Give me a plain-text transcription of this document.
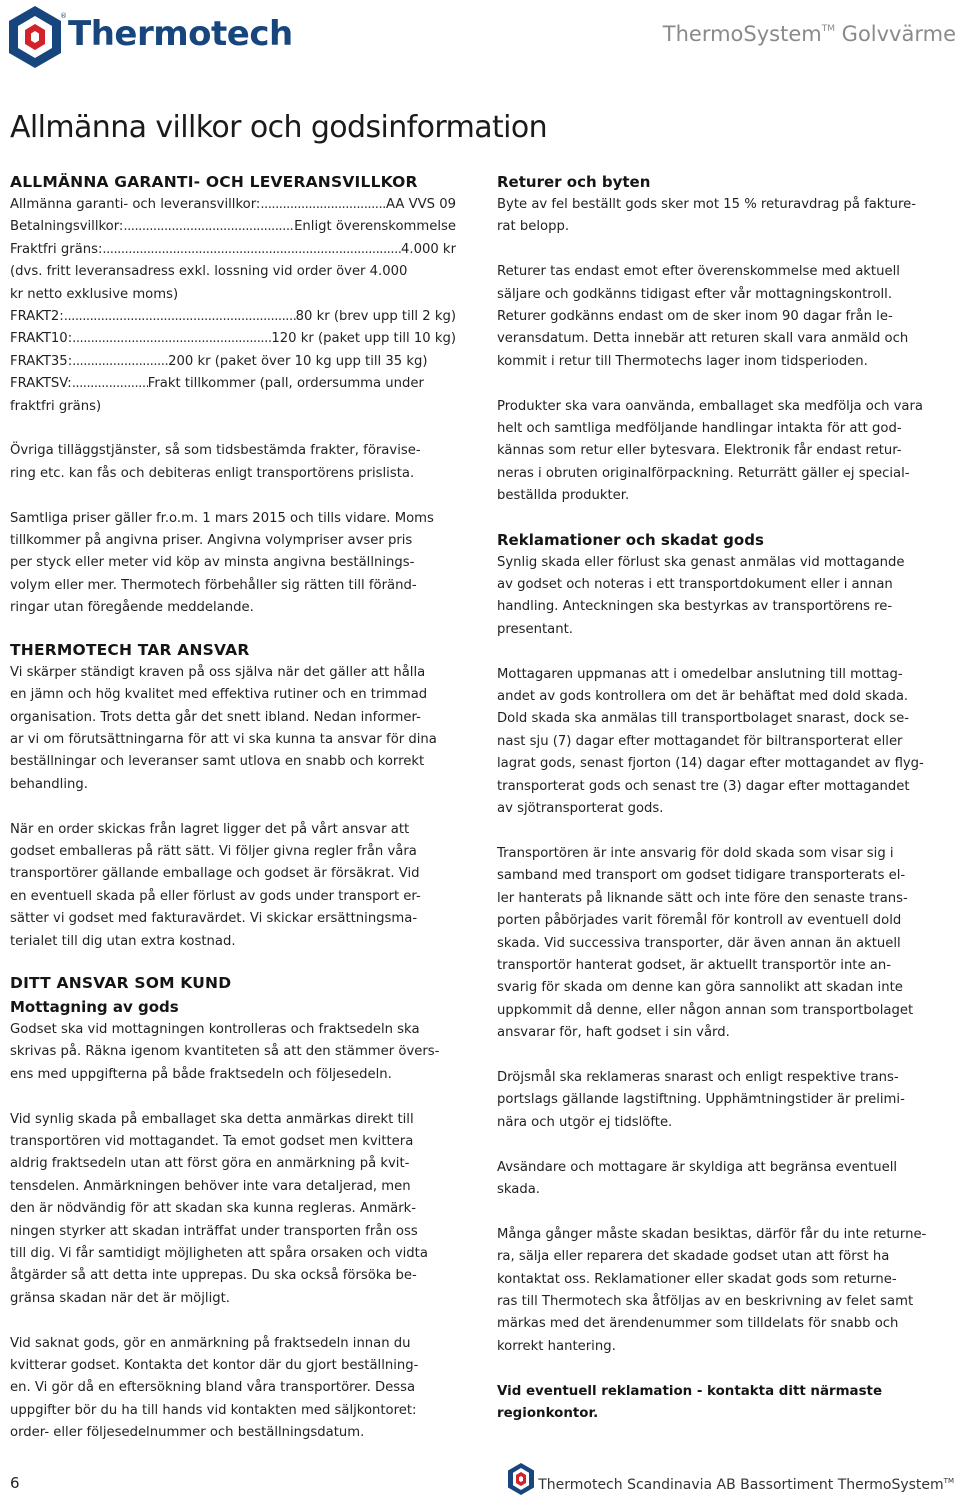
® Thermotech	ThermoSystem™ Golvvärme
Allmänna villkor och godsinformation
ALLMÄNNA GARANTI- OCH LEVERANSVILLKOR
Allmänna garanti- och leveransvillkor: .....	AA VVS 09
Betalningsvillkor: .....	Enligt överenskommelse
Fraktfri gräns: .....	4.000 kr

(dvs. fritt leveransadress exkl. lossning vid order över 4.000

kr netto exklusive moms)

FRAKT2: .....	80 kr (brev upp till 2 kg)
FRAKT10: .....	120 kr (paket upp till 10 kg)
FRAKT35: .....	200 kr (paket över 10 kg upp till 35 kg)
FRAKTSV: .....	Frakt tillkommer (pall, ordersumma under

fraktfri gräns)

Övriga tilläggstjänster, så som tidsbestämda frakter, föravise-

ring etc. kan fås och debiteras enligt transportörens prislista.

Samtliga priser gäller fr.o.m. 1 mars 2015 och tills vidare. Moms

tillkommer på angivna priser. Angivna volympriser avser pris

per styck eller meter vid köp av minsta angivna beställnings-

volym eller mer. Thermotech förbehåller sig rätten till föränd-

ringar utan föregående meddelande.

THERMOTECH TAR ANSVAR

Vi skärper ständigt kraven på oss själva när det gäller att hålla

en jämn och hög kvalitet med effektiva rutiner och en trimmad

organisation. Trots detta går det snett ibland. Nedan informer-

ar vi om förutsättningarna för att vi ska kunna ta ansvar för dina

beställningar och leveranser samt utlova en snabb och korrekt

behandling.

När en order skickas från lagret ligger det på vårt ansvar att

godset emballeras på rätt sätt. Vi följer givna regler från våra

transportörer gällande emballage och godset är försäkrat. Vid

en eventuell skada på eller förlust av gods under transport er-

sätter vi godset med fakturavärdet. Vi skickar ersättningsma-

terialet till dig utan extra kostnad.

DITT ANSVAR SOM KUND
Mottagning av gods

Godset ska vid mottagningen kontrolleras och fraktsedeln ska

skrivas på. Räkna igenom kvantiteten så att den stämmer övers-

ens med uppgifterna på både fraktsedeln och följesedeln.

Vid synlig skada på emballaget ska detta anmärkas direkt till

transportören vid mottagandet. Ta emot godset men kvittera

aldrig fraktsedeln utan att först göra en anmärkning på kvit-

tensdelen. Anmärkningen behöver inte vara detaljerad, men

den är nödvändig för att skadan ska kunna regleras. Anmärk-

ningen styrker att skadan inträffat under transporten från oss

till dig. Vi får samtidigt möjligheten att spåra orsaken och vidta

åtgärder så att detta inte upprepas. Du ska också försöka be-

gränsa skadan när det är möjligt.

Vid saknat gods, gör en anmärkning på fraktsedeln innan du

kvitterar godset. Kontakta det kontor där du gjort beställning-

en. Vi gör då en eftersökning bland våra transportörer. Dessa

uppgifter bör du ha till hands vid kontakten med säljkontoret:

order- eller följesedelnummer och beställningsdatum.

Returer och byten

Byte av fel beställt gods sker mot 15 % returavdrag på fakture-

rat belopp.

Returer tas endast emot efter överenskommelse med aktuell

säljare och godkänns tidigast efter vår mottagningskontroll.

Returer godkänns endast om de sker inom 90 dagar från le-

veransdatum. Detta innebär att returen skall vara anmäld och

kommit i retur till Thermotechs lager inom tidsperioden.

Produkter ska vara oanvända, emballaget ska medfölja och vara

helt och samtliga medföljande handlingar intakta för att god-

kännas som retur eller bytesvara. Elektronik får endast retur-

neras i obruten originalförpackning. Returrätt gäller ej special-

beställda produkter.

Reklamationer och skadat gods

Synlig skada eller förlust ska genast anmälas vid mottagande

av godset och noteras i ett transportdokument eller i annan

handling. Anteckningen ska bestyrkas av transportörens re-

presentant.

Mottagaren uppmanas att i omedelbar anslutning till mottag-

andet av gods kontrollera om det är behäftat med dold skada.

Dold skada ska anmälas till transportbolaget snarast, dock se-

nast sju (7) dagar efter mottagandet för biltransporterat eller

lagrat gods, senast fjorton (14) dagar efter mottagandet av flyg-

transporterat gods och senast tre (3) dagar efter mottagandet

av sjötransporterat gods.

Transportören är inte ansvarig för dold skada som visar sig i

samband med transport om godset tidigare transporterats el-

ler hanterats på liknande sätt och inte före den senaste trans-

porten påbörjades varit föremål för kontroll av eventuell dold

skada. Vid successiva transporter, där även annan än aktuell

transportör hanterat godset, är aktuellt transportör inte an-

svarig för skada om denne kan göra sannolikt att skadan inte

uppkommit då denne, eller någon annan som transportbolaget

ansvarar för, haft godset i sin vård.

Dröjsmål ska reklameras snarast och enligt respektive trans-

portslags gällande lagstiftning. Upphämtningstider är prelimi-

nära och utgör ej tidslöfte.

Avsändare och mottagare är skyldiga att begränsa eventuell

skada.

Många gånger måste skadan besiktas, därför får du inte returne-

ra, sälja eller reparera det skadade godset utan att först ha

kontaktat oss. Reklamationer eller skadat gods som returne-

ras till Thermotech ska åtföljas av en beskrivning av felet samt

märkas med det ärendenummer som tilldelats för snabb och

korrekt hantering.

Vid eventuell reklamation - kontakta ditt närmaste

regionkontor.

6	Thermotech Scandinavia AB Bassortiment ThermoSystem™
